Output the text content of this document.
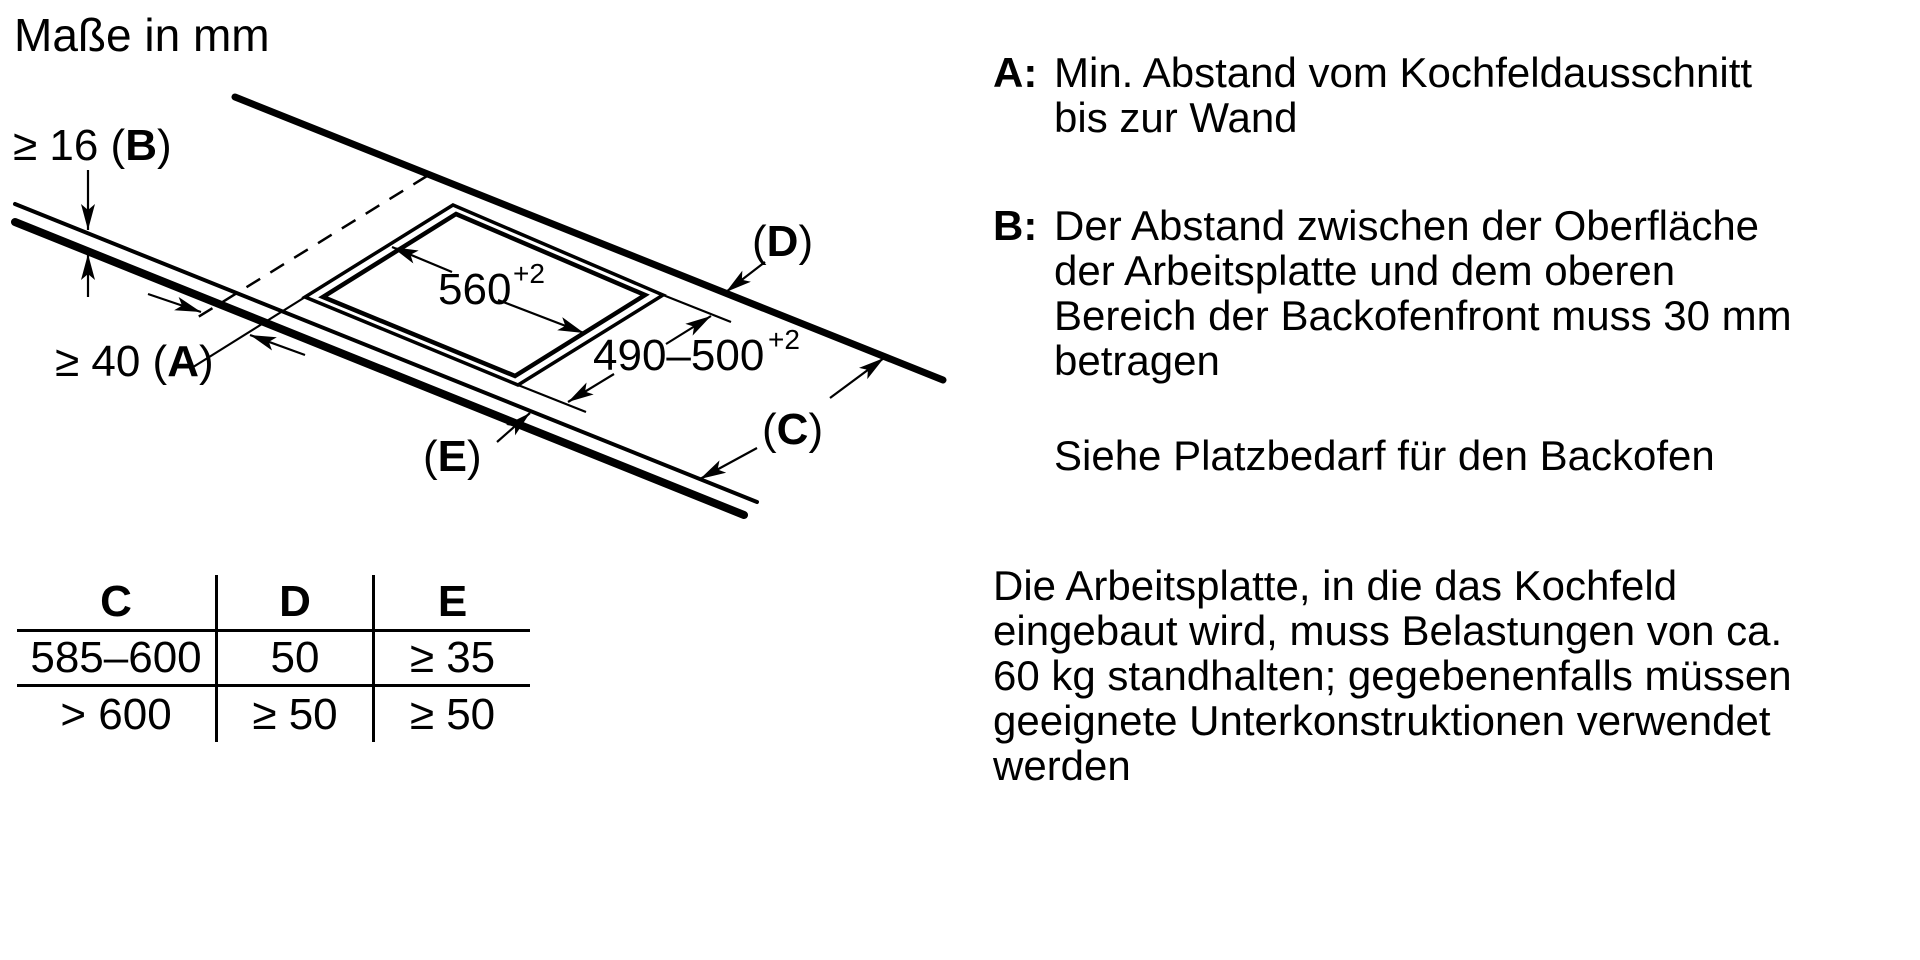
Maße in mm
≥ 16 (B)
≥ 40 (A)
560 +2
490–500 +2
(D)
(C)
(E)
C	D	E
585–600	50	≥ 35
> 600	≥ 50	≥ 50
A: Min. Abstand vom Kochfeldausschnitt
bis zur Wand
B: Der Abstand zwischen der Oberfläche
der Arbeitsplatte und dem oberen
Bereich der Backofenfront muss 30 mm
betragen
Siehe Platzbedarf für den Backofen
Die Arbeitsplatte, in die das Kochfeld
eingebaut wird, muss Belastungen von ca.
60 kg standhalten; gegebenenfalls müssen
geeignete Unterkonstruktionen verwendet
werden
